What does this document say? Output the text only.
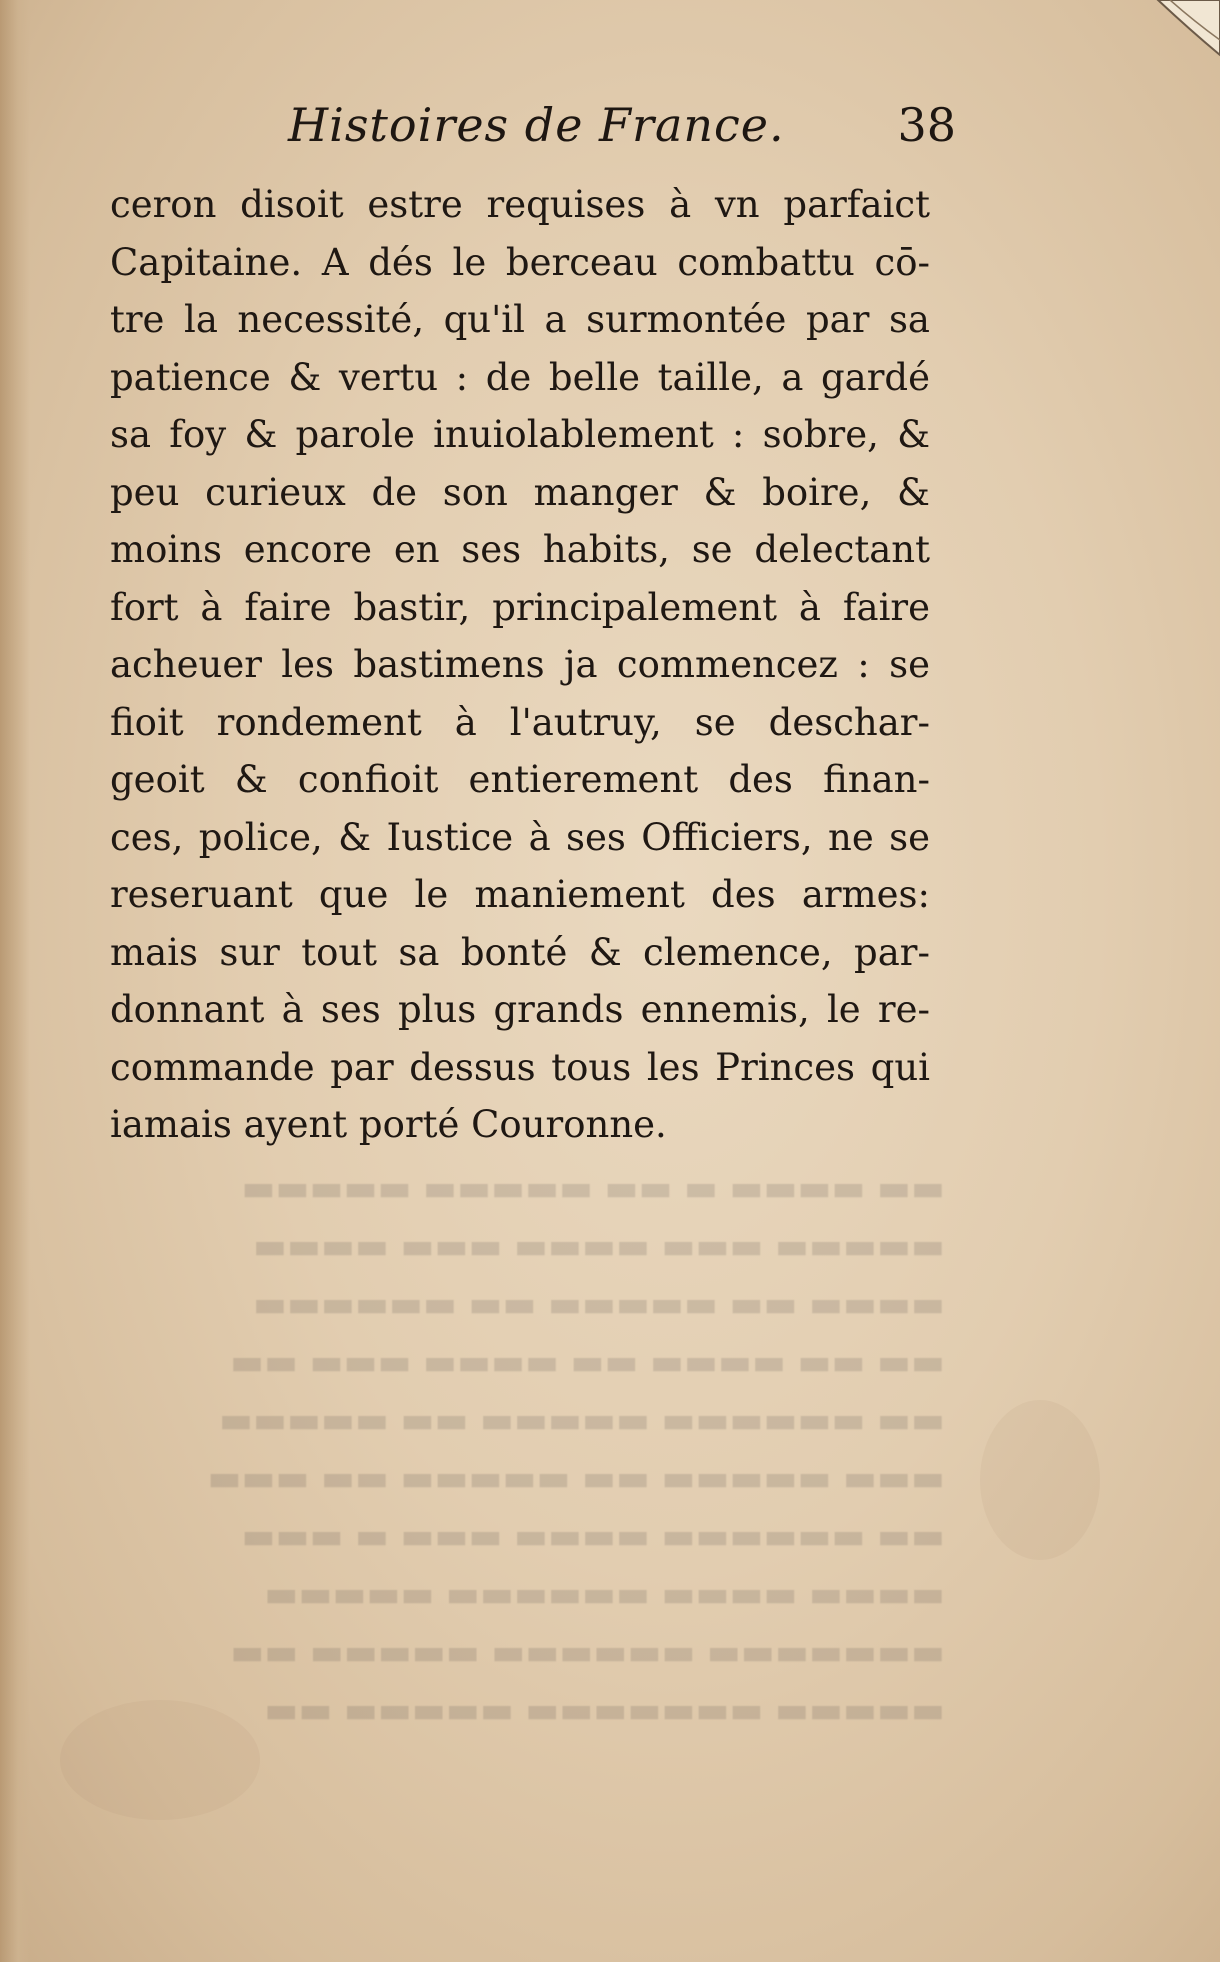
Histoires de France. 38
ceron disoit estre requises à vn parfaict
Capitaine. A dés le berceau combattu cō-
tre la necessité, qu'il a surmontée par sa
patience & vertu : de belle taille, a gardé
sa foy & parole inuiolablement : sobre, &
peu curieux de son manger & boire, &
moins encore en ses habits, se delectant
fort à faire bastir, principalement à faire
acheuer les bastimens ja commencez : se
fioit rondement à l'autruy, se deschar-
geoit & confioit entierement des finan-
ces, police, & Iustice à ses Officiers, ne se
reseruant que le maniement des armes:
mais sur tout sa bonté & clemence, par-
donnant à ses plus grands ennemis, le re-
commande par dessus tous les Princes qui
iamais ayent porté Couronne.
▬▬ ▬▬▬▬ ▬ ▬▬ ▬▬▬▬▬ ▬▬▬▬▬
▬▬▬▬▬ ▬▬▬ ▬▬▬▬ ▬▬▬ ▬▬▬▬
▬▬▬▬ ▬▬ ▬▬▬▬▬ ▬▬ ▬▬▬▬▬▬
▬▬ ▬▬ ▬▬▬▬ ▬▬ ▬▬▬▬ ▬▬▬ ▬▬
▬▬ ▬▬▬▬▬▬ ▬▬▬▬▬ ▬▬ ▬▬▬▬▬
▬▬▬ ▬▬▬▬▬ ▬▬ ▬▬▬▬▬ ▬▬ ▬▬▬
▬▬ ▬▬▬▬▬▬ ▬▬▬▬ ▬▬▬ ▬ ▬▬▬
▬▬▬▬ ▬▬▬▬ ▬▬▬▬▬▬ ▬▬▬▬▬
▬▬▬▬▬▬▬ ▬▬▬▬▬▬ ▬▬▬▬▬ ▬▬
▬▬▬▬▬ ▬▬▬▬▬▬▬ ▬▬▬▬▬ ▬▬
